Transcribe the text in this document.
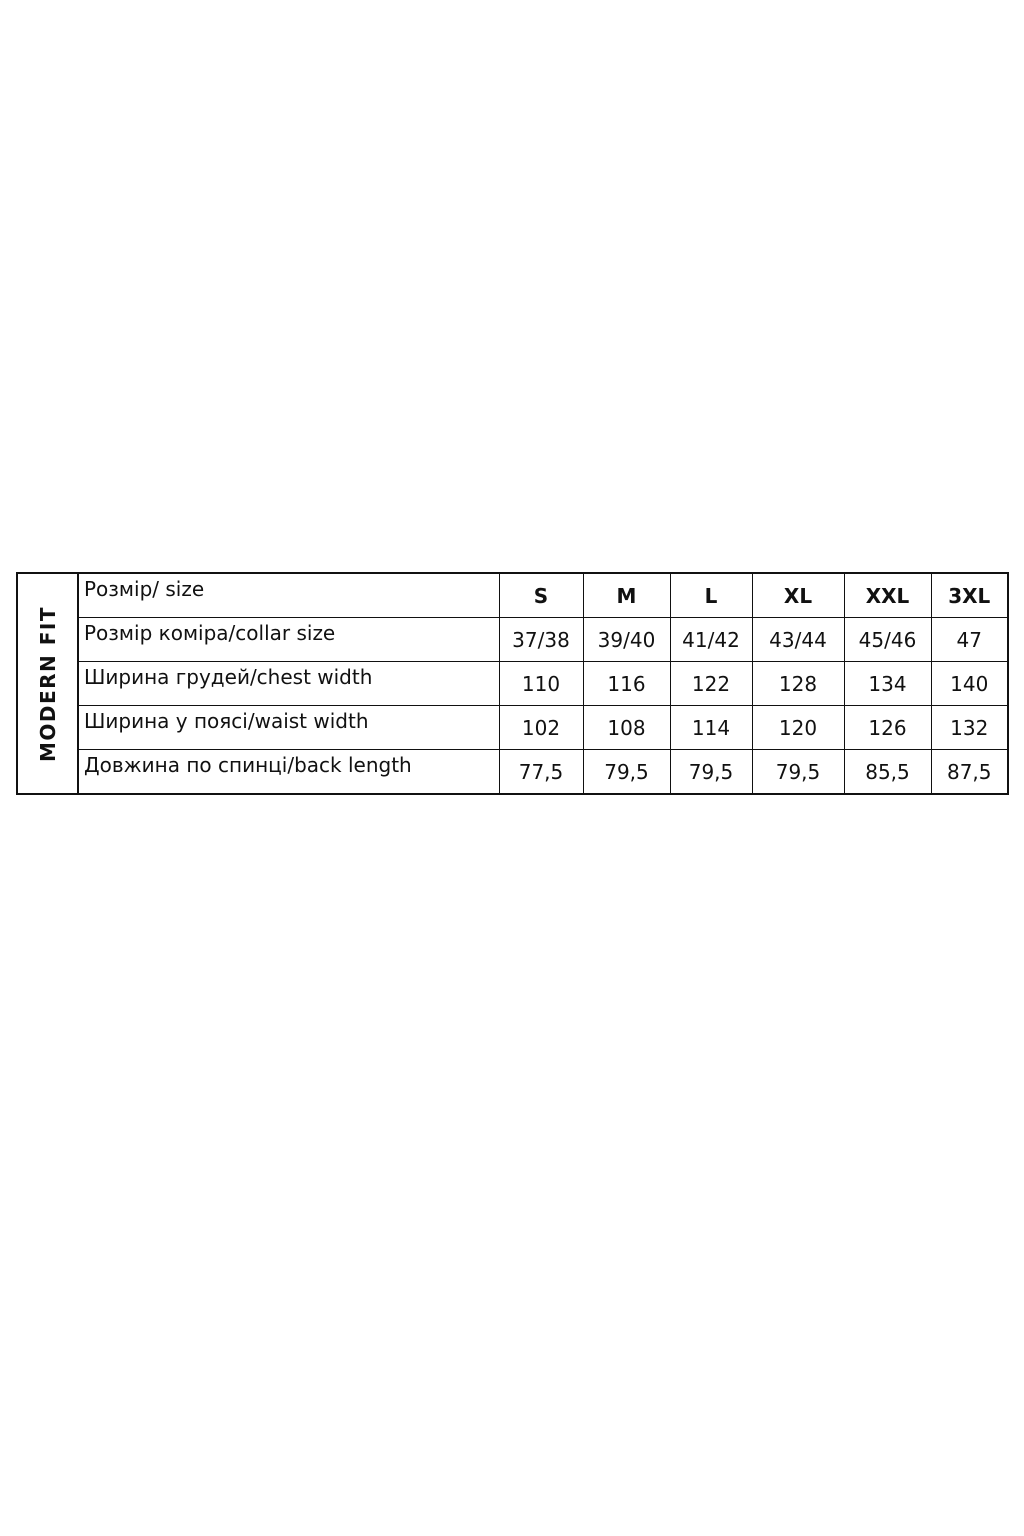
MODERN FIT	Розмір/ size	S	M	L	XL	XXL	3XL
	Розмір коміра/collar size	37/38	39/40	41/42	43/44	45/46	47
	Ширина грудей/chest width	110	116	122	128	134	140
	Ширина у поясі/waist width	102	108	114	120	126	132
	Довжина по спинці/back length	77,5	79,5	79,5	79,5	85,5	87,5
